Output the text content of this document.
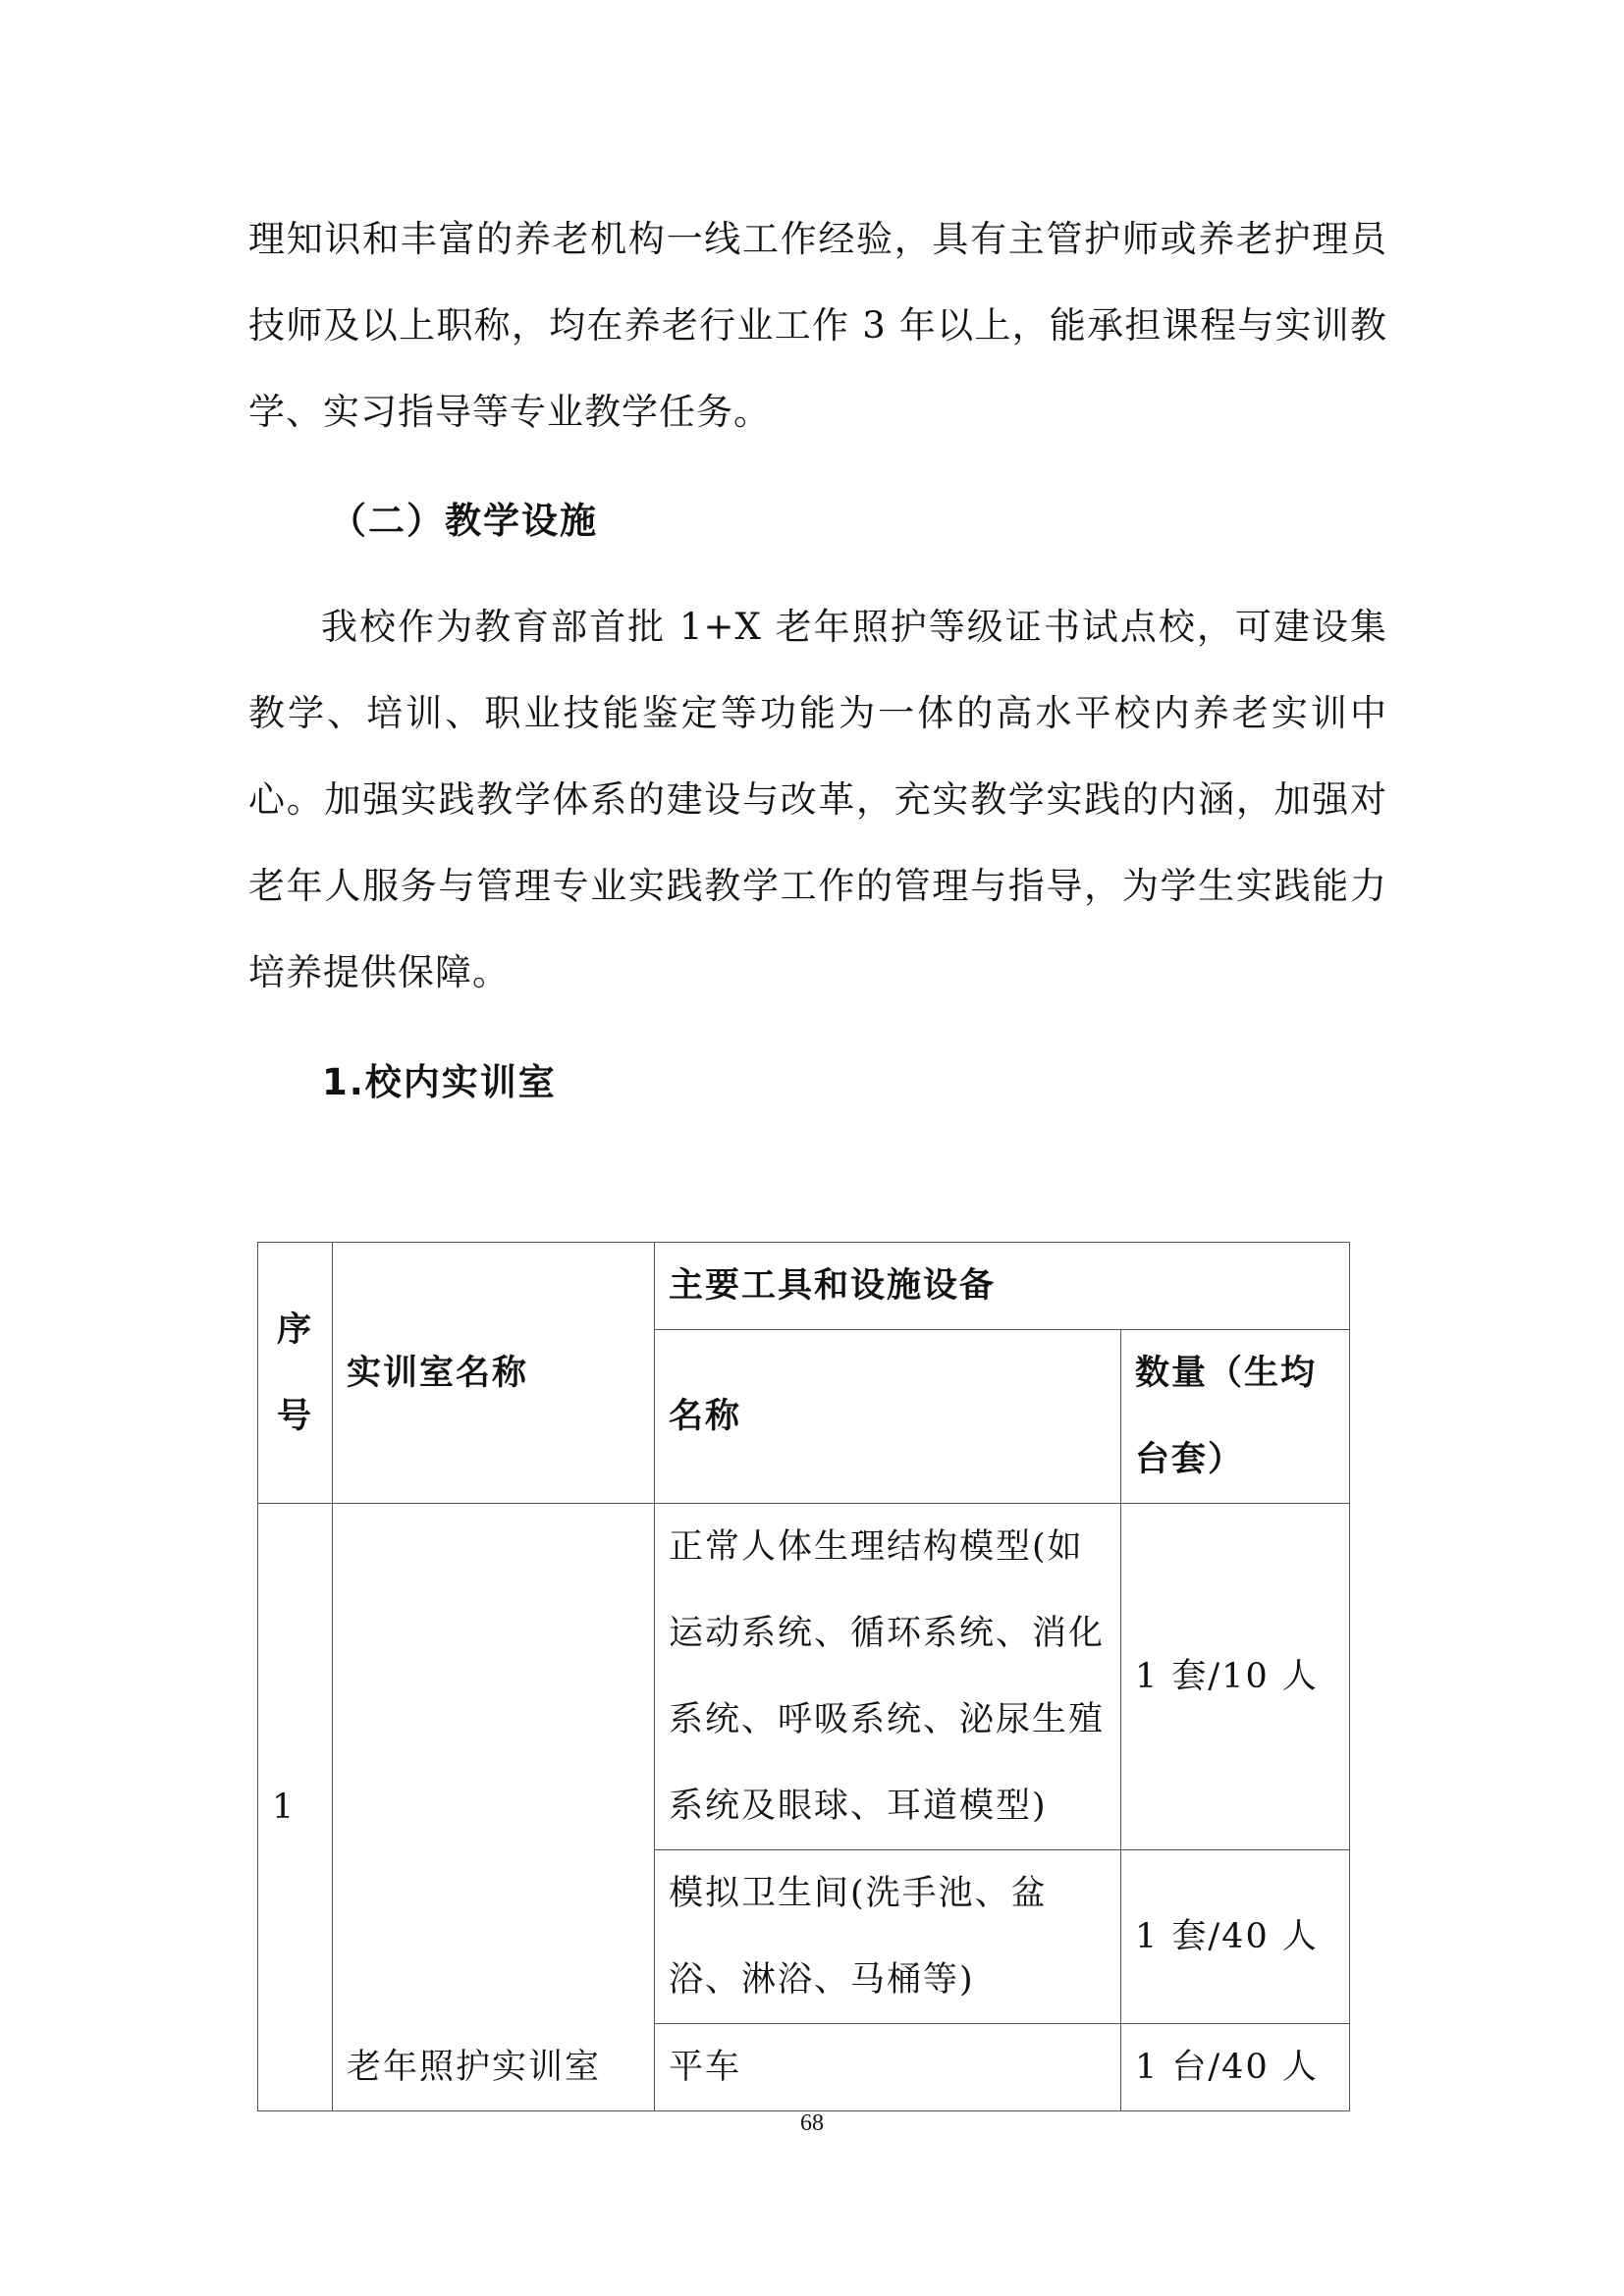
理知识和丰富的养老机构一线工作经验，具有主管护师或养老护理员技师及以上职称，均在养老行业工作 3 年以上，能承担课程与实训教学、实习指导等专业教学任务。

（二）教学设施

我校作为教育部首批 1+X 老年照护等级证书试点校，可建设集教学、培训、职业技能鉴定等功能为一体的高水平校内养老实训中心。加强实践教学体系的建设与改革，充实教学实践的内涵，加强对老年人服务与管理专业实践教学工作的管理与指导，为学生实践能力培养提供保障。

1.校内实训室
序号	实训室名称	主要工具和设施设备	
		名称	数量（生均台套）
1	老年照护实训室	正常人体生理结构模型(如运动系统、循环系统、消化系统、呼吸系统、泌尿生殖系统及眼球、耳道模型)	1 套/10 人
		模拟卫生间(洗手池、盆浴、淋浴、马桶等)	1 套/40 人
		平车	1 台/40 人
68
